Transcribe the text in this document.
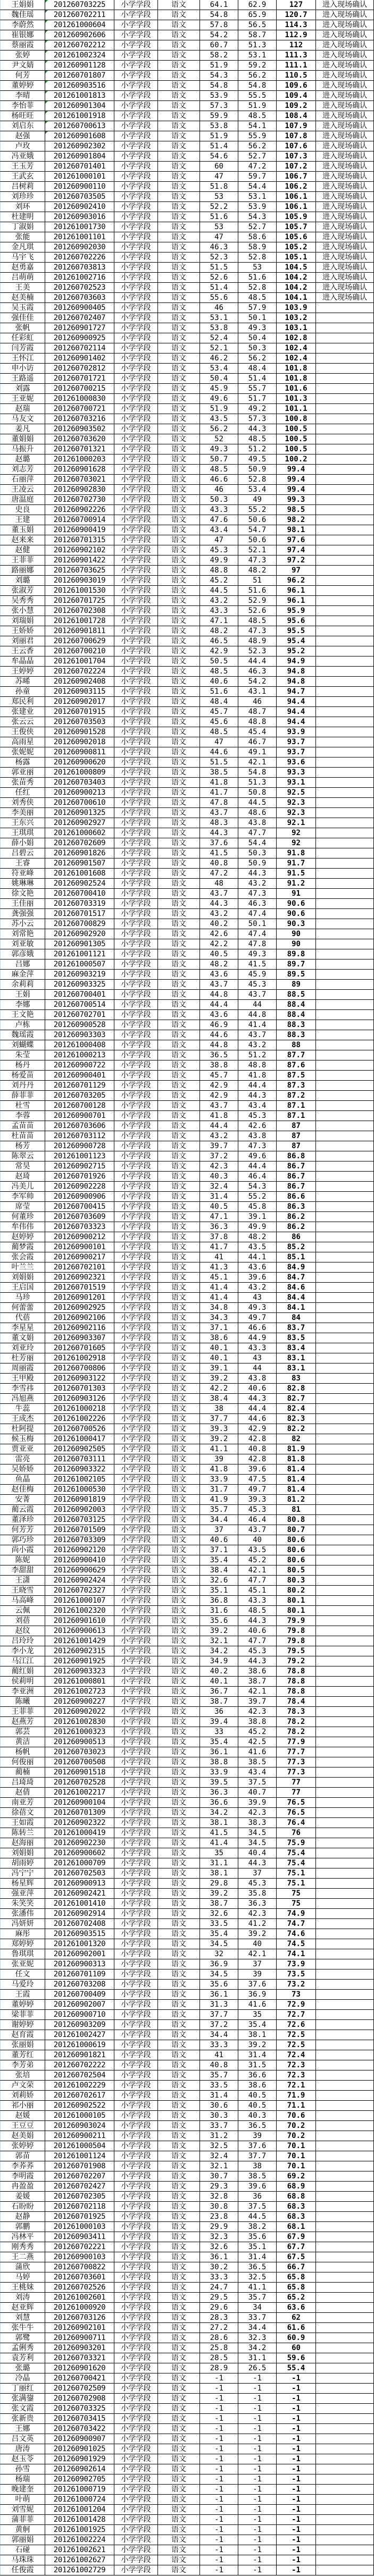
王娟娟	201260703225	小学学段	语文	64.1	62.9	127	进入现场确认
魏佳瑶	201260702211	小学学段	语文	54.8	65.9	120.7	进入现场确认
李蔚然	201261000604	小学学段	语文	57.8	56.5	114.3	进入现场确认
崔银娜	201260902606	小学学段	语文	54.2	58.7	112.9	进入现场确认
蔡丽霞	201260702212	小学学段	语文	60.7	51.3	112	进入现场确认
张婷	201261002324	小学学段	语文	58.2	53.1	111.3	进入现场确认
尹文婧	201260901128	小学学段	语文	51.9	59.2	111.1	进入现场确认
何芳	201260701807	小学学段	语文	54.3	56.2	110.5	进入现场确认
董婷婷	201260903516	小学学段	语文	54.8	54.8	109.6	进入现场确认
李晴	201261001813	小学学段	语文	53.9	55.5	109.4	进入现场确认
李怡菲	201260901304	小学学段	语文	57.3	51.9	109.2	进入现场确认
杨旺旺	201261001918	小学学段	语文	59.9	48.5	108.4	进入现场确认
刘启东	201260700613	小学学段	语文	53.8	54.1	107.9	进入现场确认
赵强	201260901608	小学学段	语文	51.9	55.9	107.8	进入现场确认
卢玫	201260902302	小学学段	语文	51.4	56.2	107.6	进入现场确认
冯亚娥	201260901804	小学学段	语文	54.6	52.7	107.3	进入现场确认
王玉芳	201260701401	小学学段	语文	60	47.2	107.2	进入现场确认
王武玄	201261000101	小学学段	语文	47	59.7	106.7	进入现场确认
吕树莉	201260900110	小学学段	语文	51.8	54.4	106.2	进入现场确认
刘珍珍	201260703505	小学学段	语文	53	53.1	106.1	进入现场确认
刘环	201260902410	小学学段	语文	52.2	53.9	106.1	进入现场确认
杜建明	201260903016	小学学段	语文	51.6	54.3	105.9	进入现场确认
丁淑娟	201261001730	小学学段	语文	53	52.7	105.7	进入现场确认
张能	201261001101	小学学段	语文	47	58.6	105.6	进入现场确认
金凡琪	201260902030	小学学段	语文	46.3	58.9	105.2	进入现场确认
马宇飞	201260702226	小学学段	语文	52.3	52.8	105.1	进入现场确认
赵勇嘉	201260703813	小学学段	语文	51.5	53	104.5	进入现场确认
吕萌萌	201261002716	小学学段	语文	52.6	51.6	104.2	进入现场确认
王美	201260702523	小学学段	语文	51.4	52.8	104.2	进入现场确认
赵美楠	201260703603	小学学段	语文	55.6	48.5	104.1	进入现场确认
吴玉霞	201260900405	小学学段	语文	46	57.9	103.9	
强佳佳	201260702407	小学学段	语文	53.1	50.1	103.2	
张帆	201260901727	小学学段	语文	53.8	49.3	103.1	
任彩虹	201260900925	小学学段	语文	52.4	50.4	102.8	
闫芳霞	201260702114	小学学段	语文	52.1	50.3	102.4	
王怀江	201260901402	小学学段	语文	46.2	56.2	102.4	
申小访	201260702812	小学学段	语文	53.4	48.4	101.8	
王路遥	201260701721	小学学段	语文	50.4	51.4	101.8	
刘露	201260700215	小学学段	语文	45.9	55.7	101.6	
王亚妮	201261000830	小学学段	语文	49.6	51.7	101.3	
赵瑞	201260700721	小学学段	语文	51.9	49.2	101.1	
马友文	201260703216	小学学段	语文	43.5	57.3	100.8	
姜凡	201260903502	小学学段	语文	56.2	44.3	100.5	
董娟娟	201260703620	小学学段	语文	52	48.5	100.5	
马振升	201260701321	小学学段	语文	49.3	51.2	100.5	
赵璐	201261000203	小学学段	语文	50.7	49.5	100.2	
刘志芳	201260901628	小学学段	语文	48.5	50.9	99.4	
石丽萍	201260703021	小学学段	语文	46.6	52.8	99.4	
王凌云	201260902830	小学学段	语文	46	53.4	99.4	
唐温庭	201260702730	小学学段	语文	50.3	49	99.3	
史良	201260902226	小学学段	语文	43.3	55.2	98.5	
王建	201260700914	小学学段	语文	47.6	50.6	98.2	
董玉娟	201260900419	小学学段	语文	43.4	54.7	98.1	
赵来来	201260701315	小学学段	语文	47	50.6	97.6	
赵健	201260902102	小学学段	语文	45.3	52.1	97.4	
王菲菲	201260901422	小学学段	语文	49.9	47.3	97.2	
路丽娜	201260703625	小学学段	语文	48.8	48.2	97	
刘璐	201260903019	小学学段	语文	45.2	51	96.2	
张淑芳	201261001530	小学学段	语文	44.5	51.6	96.1	
吴秀秀	201260701725	小学学段	语文	43.2	52.9	96.1	
张小慧	201260702308	小学学段	语文	43.3	52.6	95.9	
刘瑞娟	201261001728	小学学段	语文	47.1	48.5	95.6	
王娇娇	201260901811	小学学段	语文	48.2	47.3	95.5	
刘丽君	201260700629	小学学段	语文	46.5	48.9	95.4	
王云香	201260700210	小学学段	语文	42.9	52.3	95.2	
牟晶晶	201261001704	小学学段	语文	50.5	44.4	94.9	
王婷婷	201260702224	小学学段	语文	48.5	46.3	94.8	
苏晞	201260902408	小学学段	语文	40.6	54.2	94.8	
孙童	201260903115	小学学段	语文	51.6	43.1	94.7	
郑民利	201260902017	小学学段	语文	48.4	46	94.4	
张建业	201260701915	小学学段	语文	45.7	48.7	94.4	
张云云	201260703503	小学学段	语文	45.6	48.8	94.4	
王俊侠	201260901528	小学学段	语文	48.5	45.4	93.9	
高雨星	201260902018	小学学段	语文	47	46.7	93.7	
张妮妮	201260900811	小学学段	语文	44.6	49.1	93.7	
杨露	201260900620	小学学段	语文	51.5	42.1	93.6	
郭亚丽	201261000809	小学学段	语文	38.5	54.8	93.3	
张苗秀	201260703403	小学学段	语文	41.8	51.3	93.1	
任红	201260900213	小学学段	语文	41.7	50.8	92.5	
刘秀侠	201260700610	小学学段	语文	47.8	44.5	92.3	
李美丽	201260901325	小学学段	语文	43.7	48.6	92.3	
王东兴	201260902927	小学学段	语文	48.3	43.8	92.1	
王琪琪	201261000602	小学学段	语文	44.3	47.7	92	
薛小娟	201260702609	小学学段	语文	37.6	54.4	92	
吕碧云	201260901826	小学学段	语文	41.5	50.3	91.8	
王睿	201260901507	小学学段	语文	40.8	50.9	91.7	
符亚峰	201261001608	小学学段	语文	47.2	44.3	91.5	
姚琳琳	201260902524	小学学段	语文	48	43.2	91.2	
徐文艳	201260700410	小学学段	语文	43.7	47.3	91	
王佳丽	201260703319	小学学段	语文	44.3	46.3	90.6	
龚强强	201260701517	小学学段	语文	43.2	47.4	90.6	
苏小云	201260700829	小学学段	语文	40.2	50.1	90.3	
刘常艳	201260902920	小学学段	语文	42.6	47.4	90	
刘亚敏	201260901305	小学学段	语文	42.2	47.8	90	
郭彦娥	201261001121	小学学段	语文	40.5	49.3	89.8	
吕娜	201261000507	小学学段	语文	48.2	41.5	89.7	
麻金萍	201260903219	小学学段	语文	43.6	45.9	89.5	
余莉莉	201260903325	小学学段	语文	43.7	45.3	89	
王娟	201260700401	小学学段	语文	44.8	43.7	88.5	
李娜	201260700514	小学学段	语文	44.4	44	88.4	
王文艳	201260702701	小学学段	语文	43.6	44.8	88.4	
卢栋	201260900528	小学学段	语文	46.9	41.4	88.3	
魏瑶霞	201260903303	小学学段	语文	44.6	43.7	88.3	
刘蝴蝶	201261000408	小学学段	语文	44.8	43.2	88	
朱莹	201261000213	小学学段	语文	36.5	51.2	87.7	
杨丹	201260900722	小学学段	语文	38.8	48.8	87.6	
杨爱苗	201260900401	小学学段	语文	45.7	41.8	87.5	
刘丹丹	201260701129	小学学段	语文	42.9	44.4	87.3	
薛菲菲	201260703205	小学学段	语文	42.9	44.3	87.2	
杜雪	201260700128	小学学段	语文	43.7	43.4	87.1	
李蓉	201260900701	小学学段	语文	41.8	45.3	87.1	
孟苗苗	201260703606	小学学段	语文	44.4	42.6	87	
杜苗苗	201260703112	小学学段	语文	43.2	43.8	87	
杨芳	201260900728	小学学段	语文	39.7	47.3	87	
陈翠云	201261001123	小学学段	语文	37.2	49.6	86.8	
常昊	201260902715	小学学段	语文	42.3	44.4	86.7	
赵琦	201260701926	小学学段	语文	40.3	46.4	86.7	
冯美儿	201260902228	小学学段	语文	32.4	54.3	86.7	
李军帅	201260900906	小学学段	语文	31.4	55.2	86.6	
席莹	201260700415	小学学段	语文	40.5	45.8	86.3	
何董珍	201260703609	小学学段	语文	47.1	39.1	86.2	
牟伟伟	201260703323	小学学段	语文	36.3	49.9	86.2	
赵婷婷	201260900212	小学学段	语文	37.8	48.2	86	
蔺梦霞	201260900101	小学学段	语文	41.7	43.5	85.2	
张会霞	201260900217	小学学段	语文	41	44.1	85.1	
叶兰兰	201260702101	小学学段	语文	41.3	43.6	84.9	
刘娟娟	201260902321	小学学段	语文	45.1	39.6	84.7	
王启国	201260701519	小学学段	语文	41.4	43.2	84.6	
马珍	201260901201	小学学段	语文	41.4	43	84.4	
何蕾蕾	201260902925	小学学段	语文	34.8	49.3	84.1	
代蓓	201260902106	小学学段	语文	34.3	49.7	84	
李星星	201260902116	小学学段	语文	37.1	46.6	83.7	
董文娟	201260903307	小学学段	语文	38.6	44.9	83.5	
刘亚玲	201260701605	小学学段	语文	40.1	43.3	83.4	
杜芳丽	201261002918	小学学段	语文	40.1	43	83.1	
周丽霞	201260700806	小学学段	语文	39.1	44	83.1	
王甲殿	201260903122	小学学段	语文	39.2	43.8	83	
李雪祎	201260701303	小学学段	语文	42.2	40.6	82.8	
冯旭燕	201260903126	小学学段	语文	38.4	44.3	82.7	
牛蕊	201261000218	小学学段	语文	38	44.4	82.4	
王成杰	201261002226	小学学段	语文	37.7	44.6	82.3	
杜阿提	201260700526	小学学段	语文	39.3	42.9	82.2	
候玉梅	201261000417	小学学段	语文	39.2	42.8	82	
贾亚亚	201260902505	小学学段	语文	41.1	40.8	81.9	
雷亮	201260703111	小学学段	语文	39	42.8	81.8	
吴娇娇	201260903322	小学学段	语文	41.8	39.6	81.4	
鱼晶	201261002105	小学学段	语文	33.9	47.5	81.4	
赵佳梅	201261000530	小学学段	语文	31.7	49.7	81.4	
安菁	201260901819	小学学段	语文	41.9	39.3	81.2	
蔺云霞	201260902003	小学学段	语文	35.7	45.3	81	
董泽珍	201260703125	小学学段	语文	34.4	46.4	80.8	
何芳芳	201260701509	小学学段	语文	37	43.7	80.7	
郭巧珍	201260703309	小学学段	语文	40.6	40	80.6	
尚小霞	201260902120	小学学段	语文	37.1	43.5	80.6	
陈妮	201260900410	小学学段	语文	35.4	45.2	80.6	
李甜甜	201260900629	小学学段	语文	38.4	42.1	80.5	
王潇	201260902424	小学学段	语文	32.6	47.7	80.3	
王晓雪	201260702327	小学学段	语文	35.1	45.1	80.2	
马高峰	201261000107	小学学段	语文	36.8	43.3	80.1	
云佩	201261002320	小学学段	语文	31.6	48.5	80.1	
刘蓓	201260901610	小学学段	语文	35.6	44.3	79.9	
赵纹	201260900613	小学学段	语文	39.2	40.6	79.8	
吕玲玲	201261001429	小学学段	语文	32.1	47.7	79.8	
李小龙	201260902315	小学学段	语文	34.2	45.3	79.5	
马江江	201260901925	小学学段	语文	34.9	44.3	79.2	
蔺红娟	201260903323	小学学段	语文	40.2	38.6	78.8	
侯莉明	201261000801	小学学段	语文	40.1	38.7	78.8	
李亚洲	201261002723	小学学段	语文	36.7	42.1	78.8	
陈曦	201260900227	小学学段	语文	38.7	39.7	78.4	
王菲菲	201260902022	小学学段	语文	36	42.3	78.3	
赵燕芳	201261002830	小学学段	语文	39.4	38.8	78.2	
郭芸	201261000323	小学学段	语文	33	45.2	78.2	
黄洁	201260900513	小学学段	语文	35.4	42.5	77.9	
杨帆	201260703023	小学学段	语文	36.1	41.6	77.7	
何俊丽	201260700508	小学学段	语文	38.8	38.5	77.3	
蔺楠	201260901518	小学学段	语文	33.9	43.4	77.3	
吕琦琦	201260702528	小学学段	语文	39.5	37.5	77	
赵倩	201261002217	小学学段	语文	36.3	40.7	77	
南亚芳	201260900104	小学学段	语文	36.6	39.9	76.5	
徐蓓文	201260701309	小学学段	语文	34.2	42.3	76.5	
王如霞	201260902322	小学学段	语文	38.1	38.3	76.4	
陈转兰	201261000419	小学学段	语文	41.5	34.5	76	
赵海丽	201260902230	小学学段	语文	41.4	34.5	75.9	
刘娟娟	201260900602	小学学段	语文	35	40.4	75.4	
胡雨婷	201261000709	小学学段	语文	31.1	44.3	75.4	
冯宁宁	201260702503	小学学段	语文	38.1	37	75.1	
杨星辉	201260900913	小学学段	语文	29.8	45.3	75.1	
强亚萍	201260902421	小学学段	语文	39.2	35.8	75	
朱笑笑	201261001410	小学学段	语文	38.7	36.3	75	
张潘伟	201260902914	小学学段	语文	32.6	42.3	74.9	
冯妍妍	201260702408	小学学段	语文	33.5	41.2	74.7	
麻彤	201260903515	小学学段	语文	35.4	39.2	74.6	
郑婷婷	201261001320	小学学段	语文	34.5	40	74.5	
鲁琪琪	201260902001	小学学段	语文	32	42.1	74.1	
张亚妮	201260900313	小学学段	语文	36.9	37	73.9	
任文	201260701109	小学学段	语文	34.5	39	73.5	
马爱玲	201260703208	小学学段	语文	35.6	37.6	73.2	
王霞	201260700409	小学学段	语文	36.1	36.9	73	
董婷婷	201260902007	小学学段	语文	31.3	41.6	72.9	
梁菲菲	201260900710	小学学段	语文	37.7	35	72.7	
谢婷婷	201260903209	小学学段	语文	37.2	35.4	72.6	
赵育霞	201261002427	小学学段	语文	34.4	38.1	72.5	
张丽娟	201261000619	小学学段	语文	33.3	39.2	72.5	
董芳红	201260901821	小学学段	语文	41	31.4	72.4	
李芳弟	201260702222	小学学段	语文	40.8	31.5	72.3	
张培	201260702504	小学学段	语文	35.7	36.6	72.3	
卢文荣	201261002229	小学学段	语文	33.5	38.6	72.1	
刘莉娇	201260702617	小学学段	语文	31.4	40.5	71.9	
祁小丽	201260902522	小学学段	语文	30.6	40.5	71.1	
赵媛	201261000105	小学学段	语文	30.3	40.3	70.6	
王豆豆	201260903024	小学学段	语文	33.7	36.5	70.2	
赵美娟	201260900211	小学学段	语文	31.2	39	70.2	
张婷婷	201261000504	小学学段	语文	32.5	37.6	70.1	
郭苗	201261001124	小学学段	语文	32.4	37.7	70.1	
李荞荞	201260701908	小学学段	语文	32.1	38	70.1	
李明霞	201260702207	小学学段	语文	30.7	38.5	69.2	
冉盈盈	201260702427	小学学段	语文	29.3	39.6	68.9	
姜媛	201260702305	小学学段	语文	32.8	36	68.8	
石盼盼	201260702118	小学学段	语文	30.8	37.5	68.3	
赵静	201260701925	小学学段	语文	23.8	44.5	68.3	
郭鹏	201261000103	小学学段	语文	29.9	38.2	68.1	
冯林平	201260903411	小学学段	语文	32.3	35.6	67.9	
刚秀秀	201260702221	小学学段	语文	32.6	35.1	67.7	
王二燕	201260900103	小学学段	语文	36.1	31.4	67.5	
蒲欣	201260700822	小学学段	语文	30.2	36.5	66.7	
马婷	201260703601	小学学段	语文	33.3	32.5	65.8	
王桃妹	201260702526	小学学段	语文	24.7	41.1	65.8	
刘涛	201261002601	小学学段	语文	29.5	35.7	65.2	
赵亚辉	201261000920	小学学段	语文	29.6	34	63.6	
刘慧	201260703126	小学学段	语文	28.3	33.7	62	
张牛牛	201260902101	小学学段	语文	27.2	34.4	61.6	
郭鹭	201260900711	小学学段	语文	28.6	32.3	60.9	
孟俐秀	201260903201	小学学段	语文	25.8	34.2	60	
袁芳利	201260703321	小学学段	语文	28.5	31.1	59.6	
张璐	201260901620	小学学段	语文	28.9	26.5	55.4	
冷晶	201260700421	小学学段	语文	-1	-1	-1	
丁丽红	201260702509	小学学段	语文	-1	-1	-1	
张满鋆	201260702908	小学学段	语文	-1	-1	-1	
张文霞	201260703325	小学学段	语文	-1	-1	-1	
张新贵	201260703415	小学学段	语文	-1	-1	-1	
王娜	201260703422	小学学段	语文	-1	-1	-1	
吕文英	201260900907	小学学段	语文	-1	-1	-1	
唐涛	201260901025	小学学段	语文	-1	-1	-1	
赵玉苓	201260901929	小学学段	语文	-1	-1	-1	
孙雪	201260902614	小学学段	语文	-1	-1	-1	
杨瑞	201260902705	小学学段	语文	-1	-1	-1	
晚建奎	201261000719	小学学段	语文	-1	-1	-1	
叶萌	201261000724	小学学段	语文	-1	-1	-1	
刘雪妮	201261001204	小学学段	语文	-1	-1	-1	
蒲菲菲	201261001428	小学学段	语文	-1	-1	-1	
黄舸	201261001925	小学学段	语文	-1	-1	-1	
郭丽娟	201261002224	小学学段	语文	-1	-1	-1	
石碰	201261002621	小学学段	语文	-1	-1	-1	
马珠珠	201261002627	小学学段	语文	-1	-1	-1	
任俊霞	201261002729	小学学段	语文	-1	-1	-1	
